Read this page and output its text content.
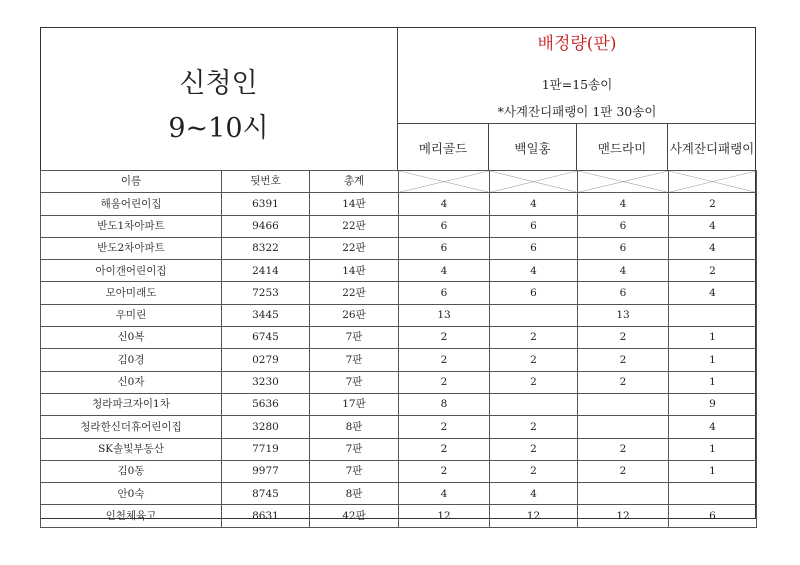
신청인
9~10시
배정량(판)
1판=15송이
*사계잔디패랭이 1판 30송이
메리골드	백일홍	맨드라미	사계잔디패랭이
이름	뒷번호	총계	

해움어린이집	6391	14판	4	4	4	2
반도1차아파트	9466	22판	6	6	6	4
반도2차아파트	8322	22판	6	6	6	4
아이갠어린이집	2414	14판	4	4	4	2
모아미래도	7253	22판	6	6	6	4
우미린	3445	26판	13		13	
신0복	6745	7판	2	2	2	1
김0경	0279	7판	2	2	2	1
신0자	3230	7판	2	2	2	1
청라파크자이1차	5636	17판	8			9
청라한신더휴어린이집	3280	8판	2	2		4
SK솔빛부동산	7719	7판	2	2	2	1
김0동	9977	7판	2	2	2	1
안0숙	8745	8판	4	4		
인천체육고	8631	42판	12	12	12	6
